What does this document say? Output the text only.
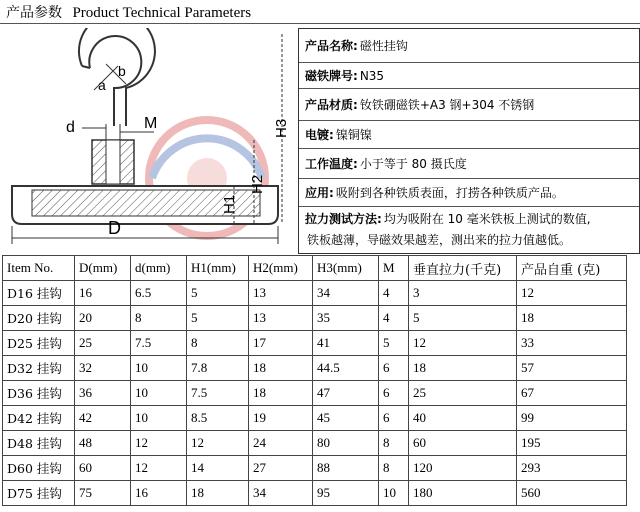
产品参数 Product Technical Parameters
a
b
d	M
D
H1
H2
H3
产品名称: 磁性挂钩
磁铁牌号: N35
产品材质: 钕铁硼磁铁+A3 钢+304 不锈钢
电镀: 镍铜镍
工作温度: 小于等于 80 摄氏度
应用: 吸附到各种铁质表面，打捞各种铁质产品。
拉力测试方法: 均为吸附在 10 毫米铁板上测试的数值,
铁板越薄，导磁效果越差，测出来的拉力值越低。
Item No.	D(mm)	d(mm)	H1(mm)	H2(mm)	H3(mm)	M	垂直拉力(千克)	产品自重 (克)
D16 挂钩	16	6.5	5	13	34	4	3	12
D20 挂钩	20	8	5	13	35	4	5	18
D25 挂钩	25	7.5	8	17	41	5	12	33
D32 挂钩	32	10	7.8	18	44.5	6	18	57
D36 挂钩	36	10	7.5	18	47	6	25	67
D42 挂钩	42	10	8.5	19	45	6	40	99
D48 挂钩	48	12	12	24	80	8	60	195
D60 挂钩	60	12	14	27	88	8	120	293
D75 挂钩	75	16	18	34	95	10	180	560
